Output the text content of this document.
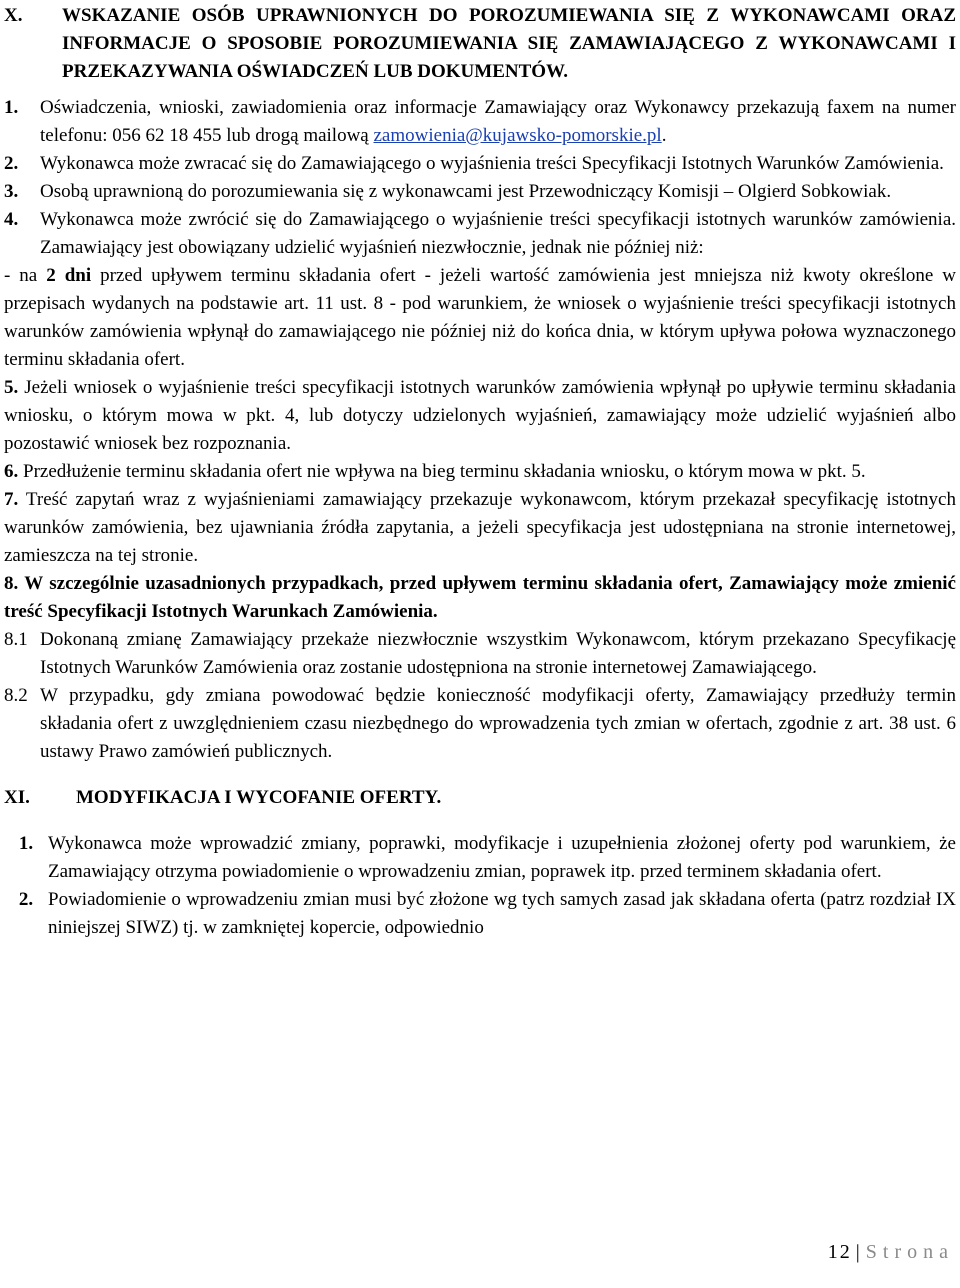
X.	WSKAZANIE OSÓB UPRAWNIONYCH DO POROZUMIEWANIA SIĘ Z WYKONAWCAMI ORAZ INFORMACJE O SPOSOBIE POROZUMIEWANIA SIĘ ZAMAWIAJĄCEGO Z WYKONAWCAMI I PRZEKAZYWANIA OŚWIADCZEŃ LUB DOKUMENTÓW.
1.	Oświadczenia, wnioski, zawiadomienia oraz informacje Zamawiający oraz Wykonawcy przekazują faxem na numer telefonu: 056 62 18 455 lub drogą mailową zamowienia@kujawsko-pomorskie.pl.
2.	Wykonawca może zwracać się do Zamawiającego o wyjaśnienia treści Specyfikacji Istotnych Warunków Zamówienia.
3.	Osobą uprawnioną do porozumiewania się z wykonawcami jest Przewodniczący Komisji – Olgierd Sobkowiak.
4.	Wykonawca może zwrócić się do Zamawiającego o wyjaśnienie treści specyfikacji istotnych warunków zamówienia. Zamawiający jest obowiązany udzielić wyjaśnień niezwłocznie, jednak nie później niż:
- na 2 dni przed upływem terminu składania ofert - jeżeli wartość zamówienia jest mniejsza niż kwoty określone w przepisach wydanych na podstawie art. 11 ust. 8 - pod warunkiem, że wniosek o wyjaśnienie treści specyfikacji istotnych warunków zamówienia wpłynął do zamawiającego nie później niż do końca dnia, w którym upływa połowa wyznaczonego terminu składania ofert.
5. Jeżeli wniosek o wyjaśnienie treści specyfikacji istotnych warunków zamówienia wpłynął po upływie terminu składania wniosku, o którym mowa w pkt. 4, lub dotyczy udzielonych wyjaśnień, zamawiający może udzielić wyjaśnień albo pozostawić wniosek bez rozpoznania.
6. Przedłużenie terminu składania ofert nie wpływa na bieg terminu składania wniosku, o którym mowa w pkt. 5.
7. Treść zapytań wraz z wyjaśnieniami zamawiający przekazuje wykonawcom, którym przekazał specyfikację istotnych warunków zamówienia, bez ujawniania źródła zapytania, a jeżeli specyfikacja jest udostępniana na stronie internetowej, zamieszcza na tej stronie.
8. W szczególnie uzasadnionych przypadkach, przed upływem terminu składania ofert, Zamawiający może zmienić treść Specyfikacji Istotnych Warunkach Zamówienia.
8.1 Dokonaną zmianę Zamawiający przekaże niezwłocznie wszystkim Wykonawcom, którym przekazano Specyfikację Istotnych Warunków Zamówienia oraz zostanie udostępniona na stronie internetowej Zamawiającego.
8.2 W przypadku, gdy zmiana powodować będzie konieczność modyfikacji oferty, Zamawiający przedłuży termin składania ofert z uwzględnieniem czasu niezbędnego do wprowadzenia tych zmian w ofertach, zgodnie z art. 38 ust. 6 ustawy Prawo zamówień publicznych.
XI.	MODYFIKACJA I WYCOFANIE OFERTY.
1. Wykonawca może wprowadzić zmiany, poprawki, modyfikacje i uzupełnienia złożonej oferty pod warunkiem, że Zamawiający otrzyma powiadomienie o wprowadzeniu zmian, poprawek itp. przed terminem składania ofert.
2. Powiadomienie o wprowadzeniu zmian musi być złożone wg tych samych zasad jak składana oferta (patrz rozdział IX niniejszej SIWZ) tj. w zamkniętej kopercie, odpowiednio
12 | Strona
